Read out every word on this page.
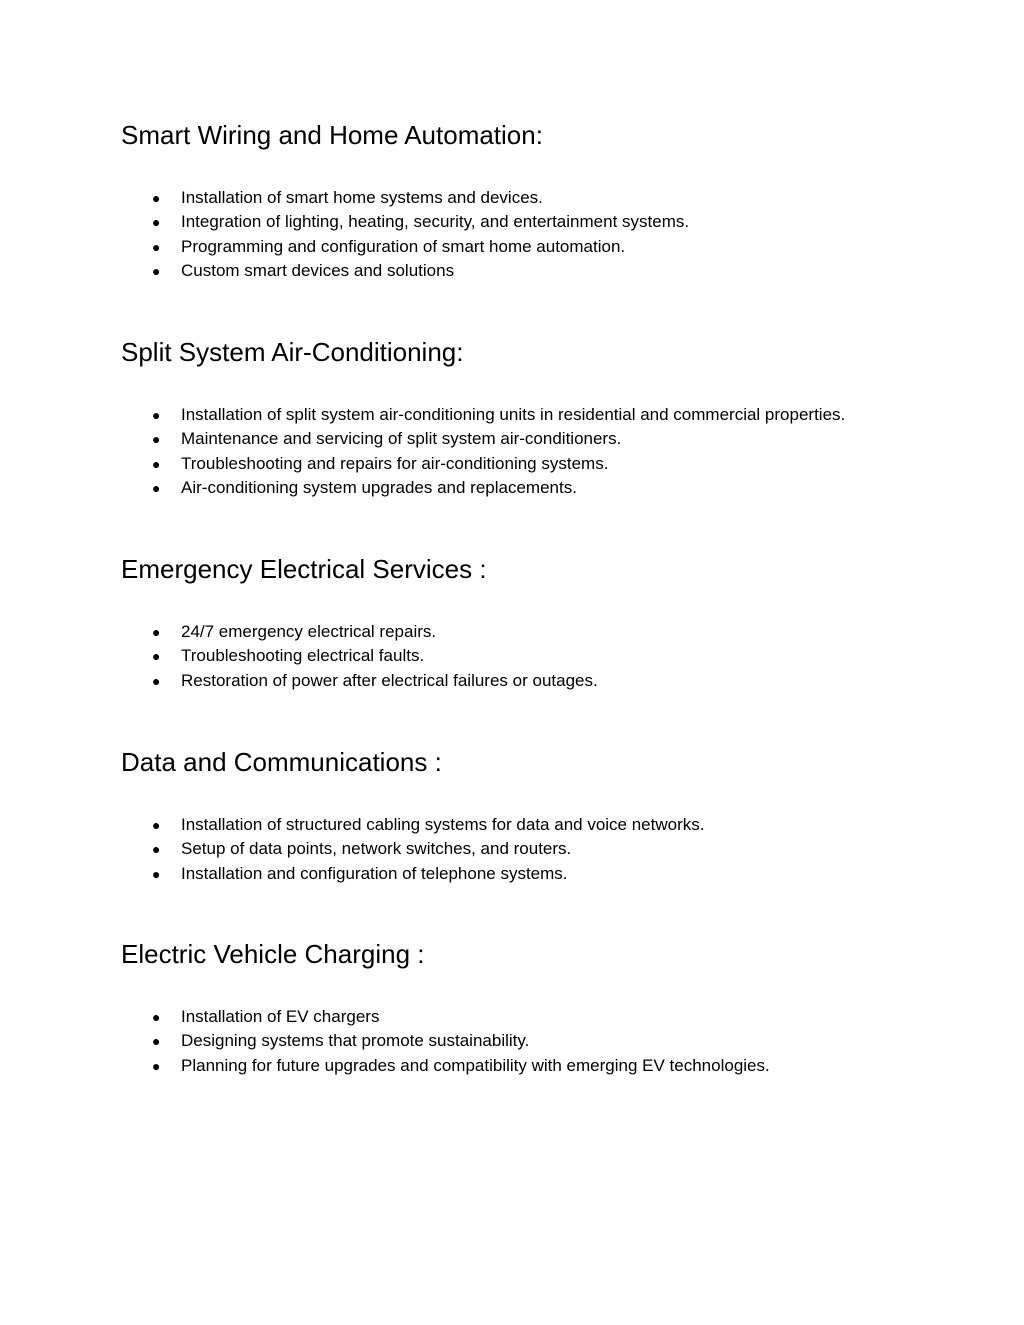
Smart Wiring and Home Automation:
● Installation of smart home systems and devices.
● Integration of lighting, heating, security, and entertainment systems.
● Programming and configuration of smart home automation.
● Custom smart devices and solutions
Split System Air-Conditioning:
● Installation of split system air-conditioning units in residential and commercial properties.
● Maintenance and servicing of split system air-conditioners.
● Troubleshooting and repairs for air-conditioning systems.
● Air-conditioning system upgrades and replacements.
Emergency Electrical Services :
● 24/7 emergency electrical repairs.
● Troubleshooting electrical faults.
● Restoration of power after electrical failures or outages.
Data and Communications :
● Installation of structured cabling systems for data and voice networks.
● Setup of data points, network switches, and routers.
● Installation and configuration of telephone systems.
Electric Vehicle Charging :
● Installation of EV chargers
● Designing systems that promote sustainability.
● Planning for future upgrades and compatibility with emerging EV technologies.
